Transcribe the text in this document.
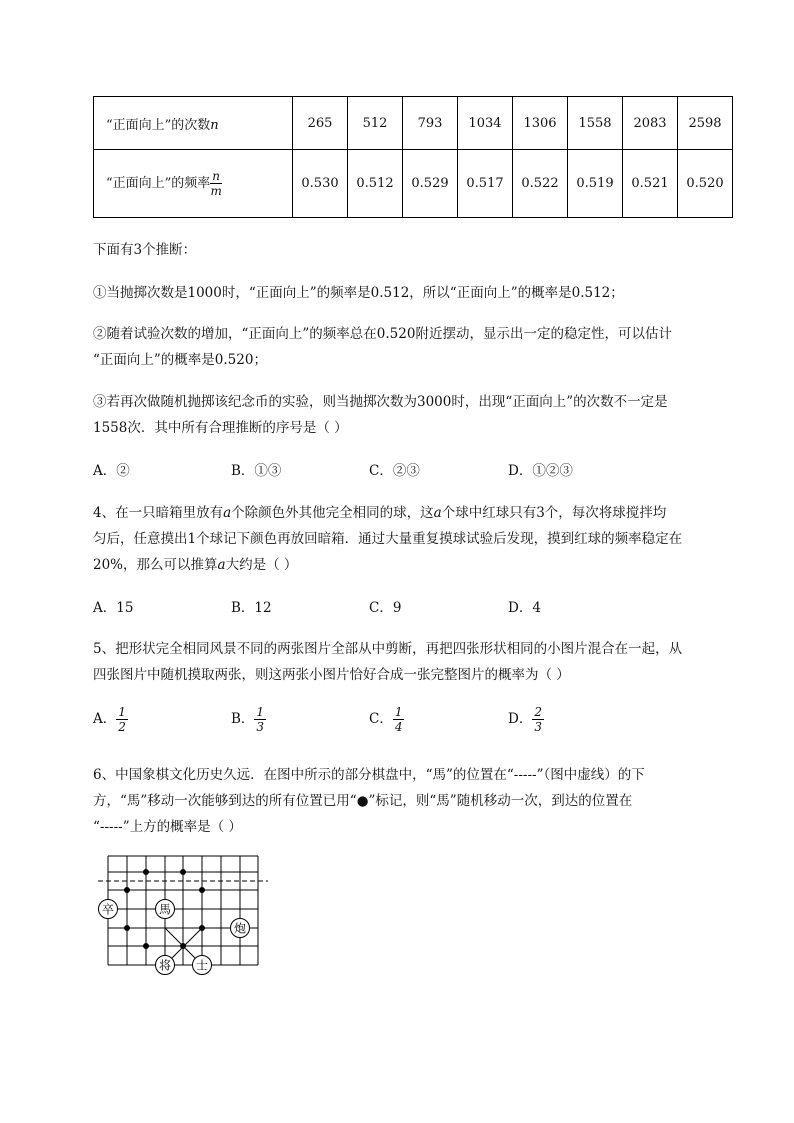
“正面向上”的次数n	265	512	793	1034	1306	1558	2083	2598
“正面向上”的频率 $\frac{n}{m}$	0.530	0.512	0.529	0.517	0.522	0.519	0.521	0.520
下面有3个推断：
①当抛掷次数是1000时，“正面向上”的频率是0.512，所以“正面向上”的概率是0.512；
②随着试验次数的增加，“正面向上”的频率总在0.520附近摆动，显示出一定的稳定性，可以估计
“正面向上”的概率是0.520；
③若再次做随机抛掷该纪念币的实验，则当抛掷次数为3000时，出现“正面向上”的次数不一定是
1558次．其中所有合理推断的序号是（ ）
A．②	B．①③	C．②③	D．①②③
4、在一只暗箱里放有a个除颜色外其他完全相同的球，这a个球中红球只有3个，每次将球搅拌均
匀后，任意摸出1个球记下颜色再放回暗箱．通过大量重复摸球试验后发现，摸到红球的频率稳定在
20%，那么可以推算a大约是（ ）
A．15	B．12	C．9	D．4
5、把形状完全相同风景不同的两张图片全部从中剪断，再把四张形状相同的小图片混合在一起，从
四张图片中随机摸取两张，则这两张小图片恰好合成一张完整图片的概率为（ ）
A． $\frac{1}{2}$	B． $\frac{1}{3}$	C． $\frac{1}{4}$	D． $\frac{2}{3}$
6、中国象棋文化历史久远．在图中所示的部分棋盘中，“馬”的位置在“-----”（图中虚线）的下
方，“馬”移动一次能够到达的所有位置已用“●”标记，则“馬”随机移动一次，到达的位置在
“-----”上方的概率是（ ）
卒	馬
炮
将 士
